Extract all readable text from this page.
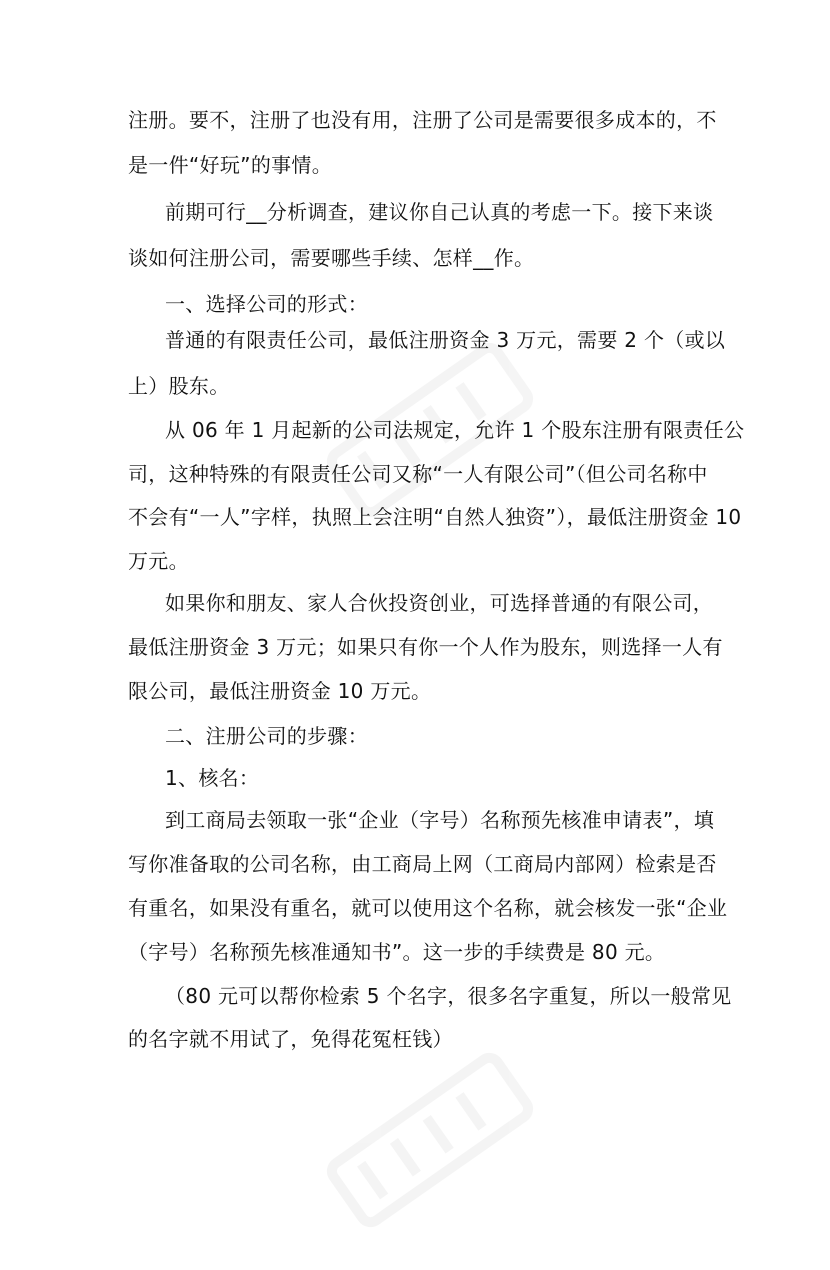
注册。要不，注册了也没有用，注册了公司是需要很多成本的，不
是一件“好玩”的事情。
前期可行__分析调查，建议你自己认真的考虑一下。接下来谈
谈如何注册公司，需要哪些手续、怎样__作。
一、选择公司的形式：
普通的有限责任公司，最低注册资金 3 万元，需要 2 个（或以
上）股东。
从 06 年 1 月起新的公司法规定，允许 1 个股东注册有限责任公
司，这种特殊的有限责任公司又称“一人有限公司”（但公司名称中
不会有“一人”字样，执照上会注明“自然人独资”），最低注册资金 10
万元。
如果你和朋友、家人合伙投资创业，可选择普通的有限公司，
最低注册资金 3 万元；如果只有你一个人作为股东，则选择一人有
限公司，最低注册资金 10 万元。
二、注册公司的步骤：
1、核名：
到工商局去领取一张“企业（字号）名称预先核准申请表”，填
写你准备取的公司名称，由工商局上网（工商局内部网）检索是否
有重名，如果没有重名，就可以使用这个名称，就会核发一张“企业
（字号）名称预先核准通知书”。这一步的手续费是 80 元。
（80 元可以帮你检索 5 个名字，很多名字重复，所以一般常见
的名字就不用试了，免得花冤枉钱）
